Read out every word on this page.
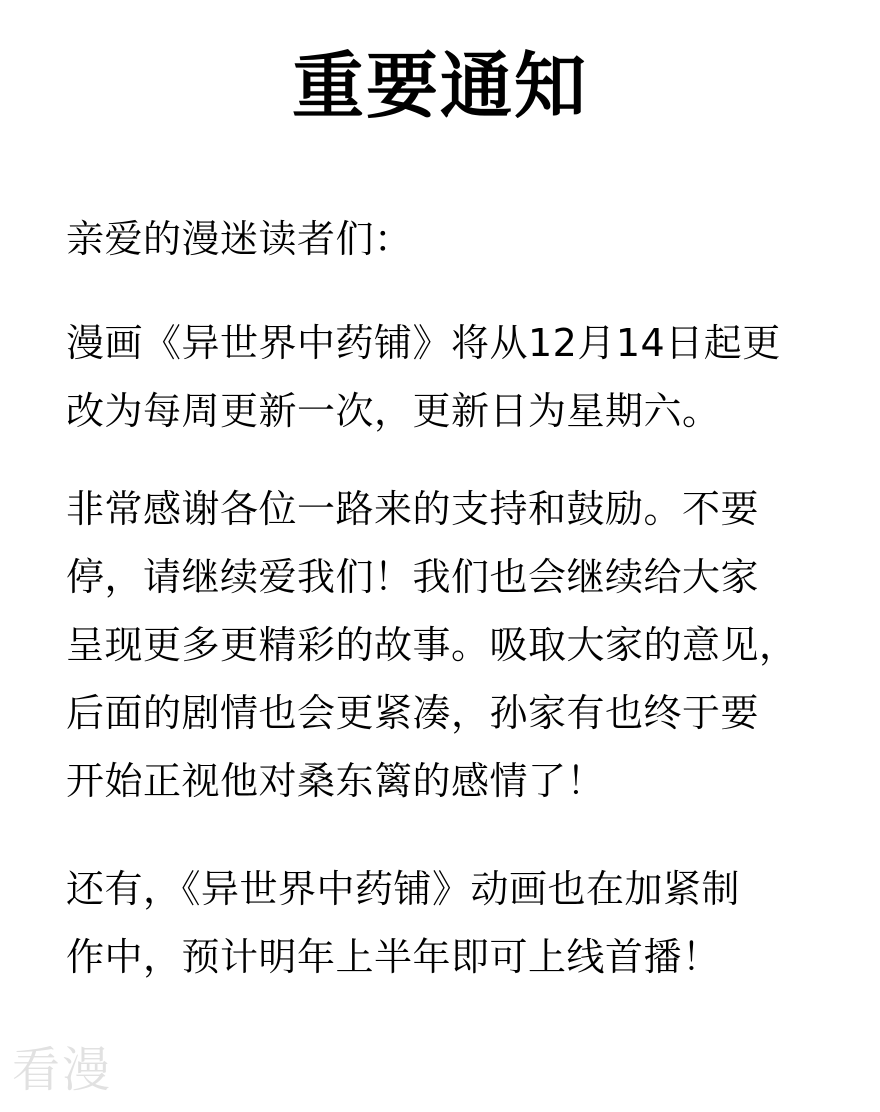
重要通知

亲爱的漫迷读者们：

漫画《异世界中药铺》将从12月14日起更
改为每周更新一次，更新日为星期六。

非常感谢各位一路来的支持和鼓励。不要
停，请继续爱我们！我们也会继续给大家
呈现更多更精彩的故事。吸取大家的意见，
后面的剧情也会更紧凑，孙家有也终于要
开始正视他对桑东篱的感情了！

还有，《异世界中药铺》动画也在加紧制
作中，预计明年上半年即可上线首播！

看漫
